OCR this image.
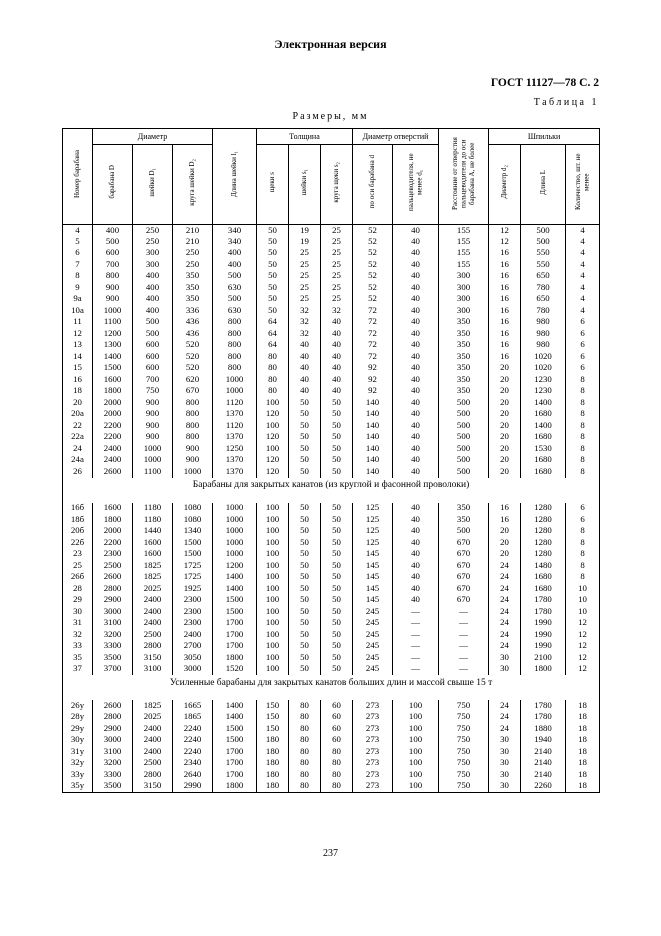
Электронная версия
ГОСТ 11127—78 С. 2
Таблица 1
Размеры, мм
Номер барабана	Диаметр			Длина шейки l₁	Толщина			Диаметр отверстий		Расстояние от отверстия пальцеводителя до оси барабана А, не более	Шпильки		
	барабана D	шейки D₁	круга шейки D₂		щеки s	шейки s₁	круга щеки s₂	по оси барабана d	пальцеводителя, не менее d₁		Диаметр d₂	Длина L	Количество, шт. не менее
4	400	250	210	340	50	19	25	52	40	155	12	500	4
5	500	250	210	340	50	19	25	52	40	155	12	500	4
6	600	300	250	400	50	25	25	52	40	155	16	550	4
7	700	300	250	400	50	25	25	52	40	155	16	550	4
8	800	400	350	500	50	25	25	52	40	300	16	650	4
9	900	400	350	630	50	25	25	52	40	300	16	780	4
9а	900	400	350	500	50	25	25	52	40	300	16	650	4
10а	1000	400	336	630	50	32	32	72	40	300	16	780	4
11	1100	500	436	800	64	32	40	72	40	350	16	980	6
12	1200	500	436	800	64	32	40	72	40	350	16	980	6
13	1300	600	520	800	64	40	40	72	40	350	16	980	6
14	1400	600	520	800	80	40	40	72	40	350	16	1020	6
15	1500	600	520	800	80	40	40	92	40	350	20	1020	6
16	1600	700	620	1000	80	40	40	92	40	350	20	1230	8
18	1800	750	670	1000	80	40	40	92	40	350	20	1230	8
20	2000	900	800	1120	100	50	50	140	40	500	20	1400	8
20а	2000	900	800	1370	120	50	50	140	40	500	20	1680	8
22	2200	900	800	1120	100	50	50	140	40	500	20	1400	8
22а	2200	900	800	1370	120	50	50	140	40	500	20	1680	8
24	2400	1000	900	1250	100	50	50	140	40	500	20	1530	8
24а	2400	1000	900	1370	120	50	50	140	40	500	20	1680	8
26	2600	1100	1000	1370	120	50	50	140	40	500	20	1680	8
Барабаны для закрытых канатов (из круглой и фасонной проволоки)													

16б	1600	1180	1080	1000	100	50	50	125	40	350	16	1280	6
18б	1800	1180	1080	1000	100	50	50	125	40	350	16	1280	6
20б	2000	1440	1340	1000	100	50	50	125	40	500	20	1280	8
22б	2200	1600	1500	1000	100	50	50	125	40	670	20	1280	8
23	2300	1600	1500	1000	100	50	50	145	40	670	20	1280	8
25	2500	1825	1725	1200	100	50	50	145	40	670	24	1480	8
26б	2600	1825	1725	1400	100	50	50	145	40	670	24	1680	8
28	2800	2025	1925	1400	100	50	50	145	40	670	24	1680	10
29	2900	2400	2300	1500	100	50	50	145	40	670	24	1780	10
30	3000	2400	2300	1500	100	50	50	245	—	—	24	1780	10
31	3100	2400	2300	1700	100	50	50	245	—	—	24	1990	12
32	3200	2500	2400	1700	100	50	50	245	—	—	24	1990	12
33	3300	2800	2700	1700	100	50	50	245	—	—	24	1990	12
35	3500	3150	3050	1800	100	50	50	245	—	—	30	2100	12
37	3700	3100	3000	1520	100	50	50	245	—	—	30	1800	12
Усиленные барабаны для закрытых канатов больших длин и массой свыше 15 т													

26у	2600	1825	1665	1400	150	80	60	273	100	750	24	1780	18
28у	2800	2025	1865	1400	150	80	60	273	100	750	24	1780	18
29у	2900	2400	2240	1500	150	80	60	273	100	750	24	1880	18
30у	3000	2400	2240	1500	180	80	60	273	100	750	30	1940	18
31у	3100	2400	2240	1700	180	80	80	273	100	750	30	2140	18
32у	3200	2500	2340	1700	180	80	80	273	100	750	30	2140	18
33у	3300	2800	2640	1700	180	80	80	273	100	750	30	2140	18
35у	3500	3150	2990	1800	180	80	80	273	100	750	30	2260	18
237
